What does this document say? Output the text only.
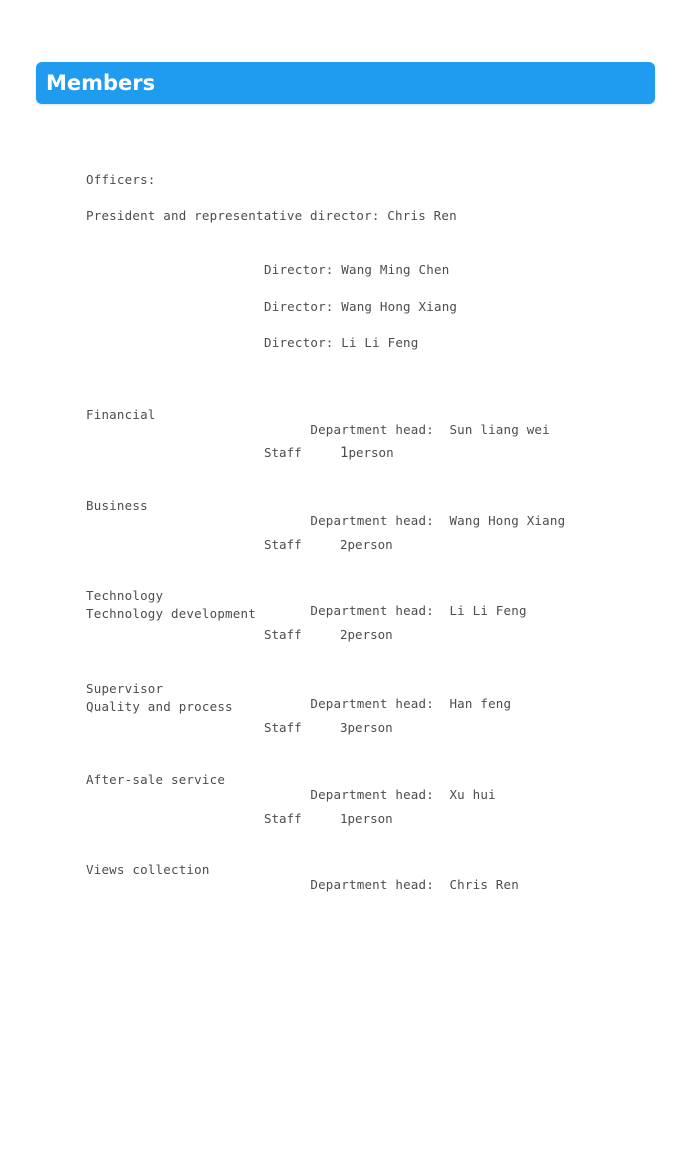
Members
Officers:
President and representative director: Chris Ren
Director: Wang Ming Chen
Director: Wang Hong Xiang
Director: Li Li Feng
Financial

Department head: Sun liang wei

Staff	1person
Business

Department head: Wang Hong Xiang

Staff	2person
Technology
Technology development	Department head: Li Li Feng

Staff	2person
Supervisor
Quality and process	Department head: Han feng

Staff	3person
After-sale service

Department head: Xu hui

Staff	1person
Views collection

Department head: Chris Ren
